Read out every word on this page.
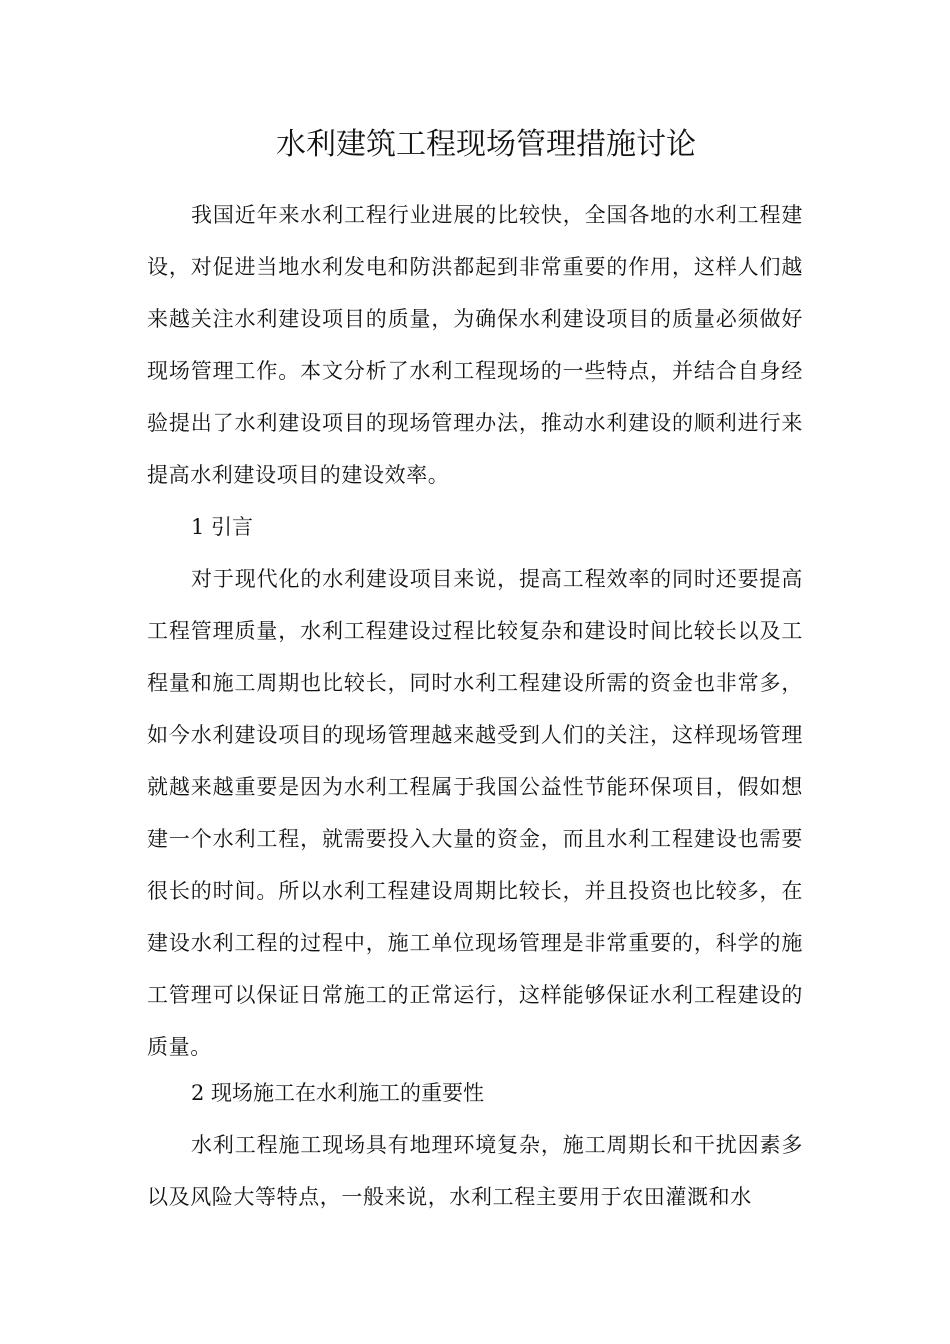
水利建筑工程现场管理措施讨论

我国近年来水利工程行业进展的比较快，全国各地的水利工程建设，对促进当地水利发电和防洪都起到非常重要的作用，这样人们越来越关注水利建设项目的质量，为确保水利建设项目的质量必须做好现场管理工作。本文分析了水利工程现场的一些特点，并结合自身经验提出了水利建设项目的现场管理办法，推动水利建设的顺利进行来提高水利建设项目的建设效率。

1 引言

对于现代化的水利建设项目来说，提高工程效率的同时还要提高工程管理质量，水利工程建设过程比较复杂和建设时间比较长以及工程量和施工周期也比较长，同时水利工程建设所需的资金也非常多，如今水利建设项目的现场管理越来越受到人们的关注，这样现场管理就越来越重要是因为水利工程属于我国公益性节能环保项目，假如想建一个水利工程，就需要投入大量的资金，而且水利工程建设也需要很长的时间。所以水利工程建设周期比较长，并且投资也比较多，在建设水利工程的过程中，施工单位现场管理是非常重要的，科学的施工管理可以保证日常施工的正常运行，这样能够保证水利工程建设的质量。

2 现场施工在水利施工的重要性

水利工程施工现场具有地理环境复杂，施工周期长和干扰因素多以及风险大等特点，一般来说，水利工程主要用于农田灌溉和水
